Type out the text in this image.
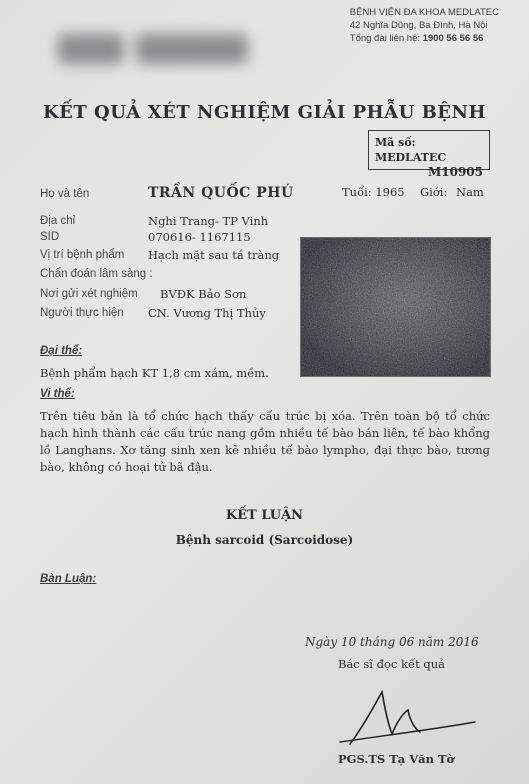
BỆNH VIỆN ĐA KHOA MEDLATEC
42 Nghĩa Dũng, Ba Đình, Hà Nội
Tổng đài liên hệ: 1900 56 56 56
KẾT QUẢ XÉT NGHIỆM GIẢI PHẪU BỆNH
Mã số: MEDLATEC
M10905
Họ và tên	TRẦN QUỐC PHÚ	Tuổi: 1965 Giới: Nam
Địa chỉ	Nghi Trang- TP Vinh
SID	070616- 1167115
Vị trí bệnh phẩm Hạch mặt sau tá tràng
Chẩn đoán lâm sàng :
Nơi gửi xét nghiệm BVĐK Bảo Sơn
Người thực hiện CN. Vương Thị Thủy
Đại thể:
Bệnh phẩm hạch KT 1,8 cm xám, mềm.
Vi thể:
Trên tiêu bản là tổ chức hạch thấy cấu trúc bị xóa. Trên toàn bộ tổ chức hạch hình thành các cấu trúc nang gồm nhiều tế bào bán liên, tế bào khổng lồ Langhans. Xơ tăng sinh xen kẽ nhiều tế bào lympho, đại thực bào, tương bào, không có hoại tử bã đậu.
KẾT LUẬN
Bệnh sarcoid (Sarcoidose)
Bàn Luận:
Ngày 10 tháng 06 năm 2016
Bác sĩ đọc kết quả
PGS.TS Tạ Văn Tờ
